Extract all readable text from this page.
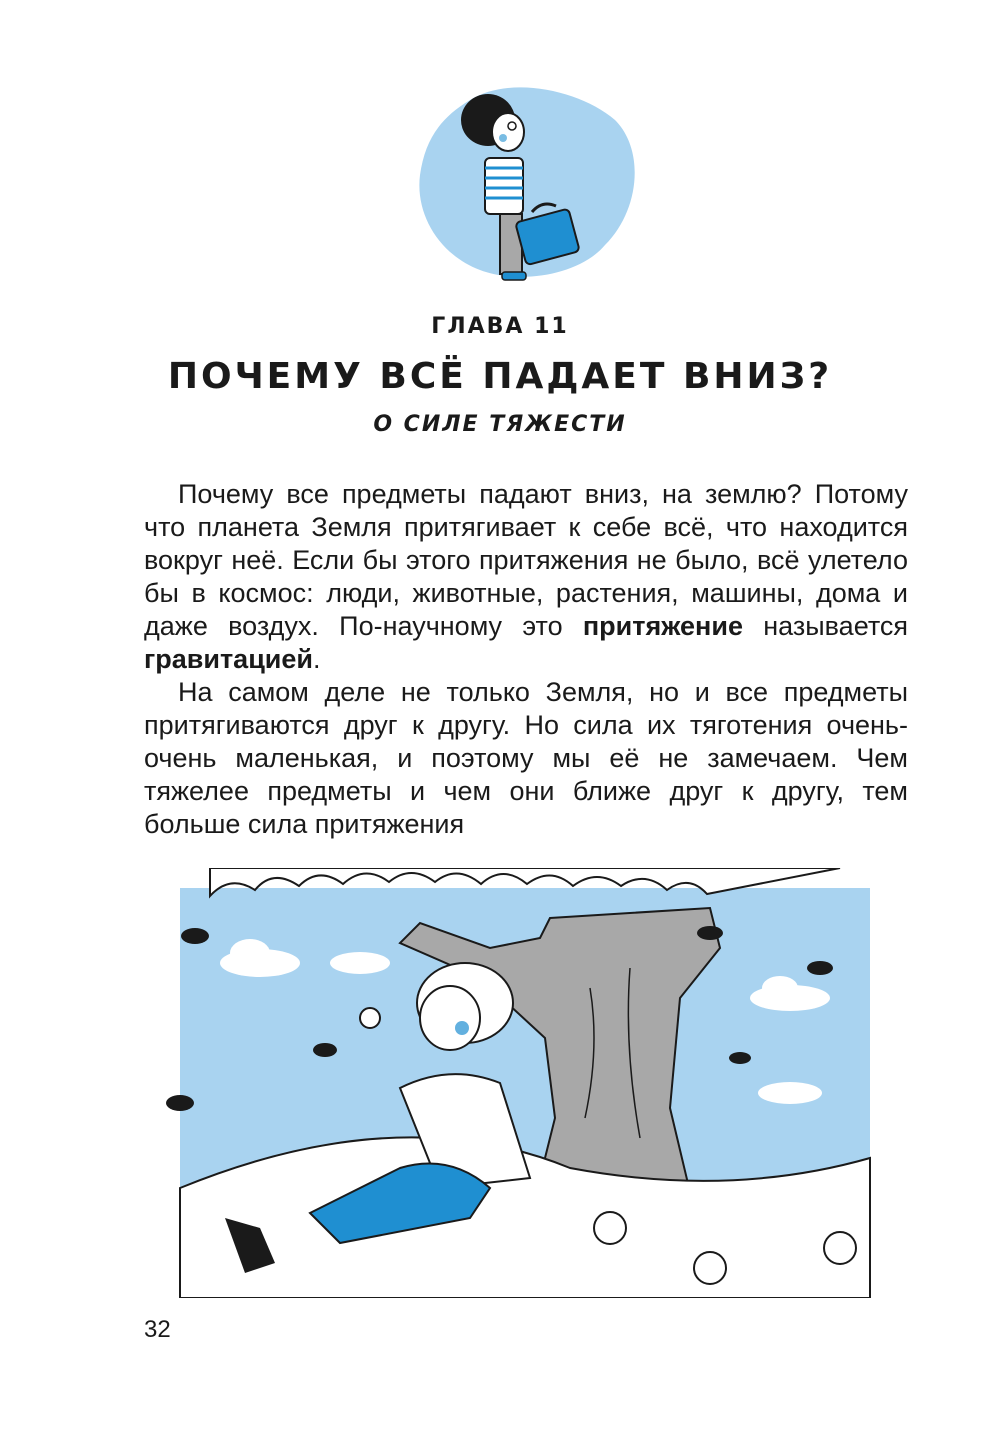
ГЛАВА 11
ПОЧЕМУ ВСЁ ПАДАЕТ ВНИЗ?
О СИЛЕ ТЯЖЕСТИ

Почему все предметы падают вниз, на землю? Потому что планета Земля притягивает к себе всё, что находится вокруг неё. Если бы этого притяжения не было, всё улетело бы в космос: люди, животные, растения, машины, дома и даже воздух. По-научному это притяжение называется гравитацией.

На самом деле не только Земля, но и все предметы притягиваются друг к другу. Но сила их тяготения очень-очень маленькая, и поэтому мы её не замечаем. Чем тяжелее предметы и чем они ближе друг к другу, тем больше сила притяжения

32
